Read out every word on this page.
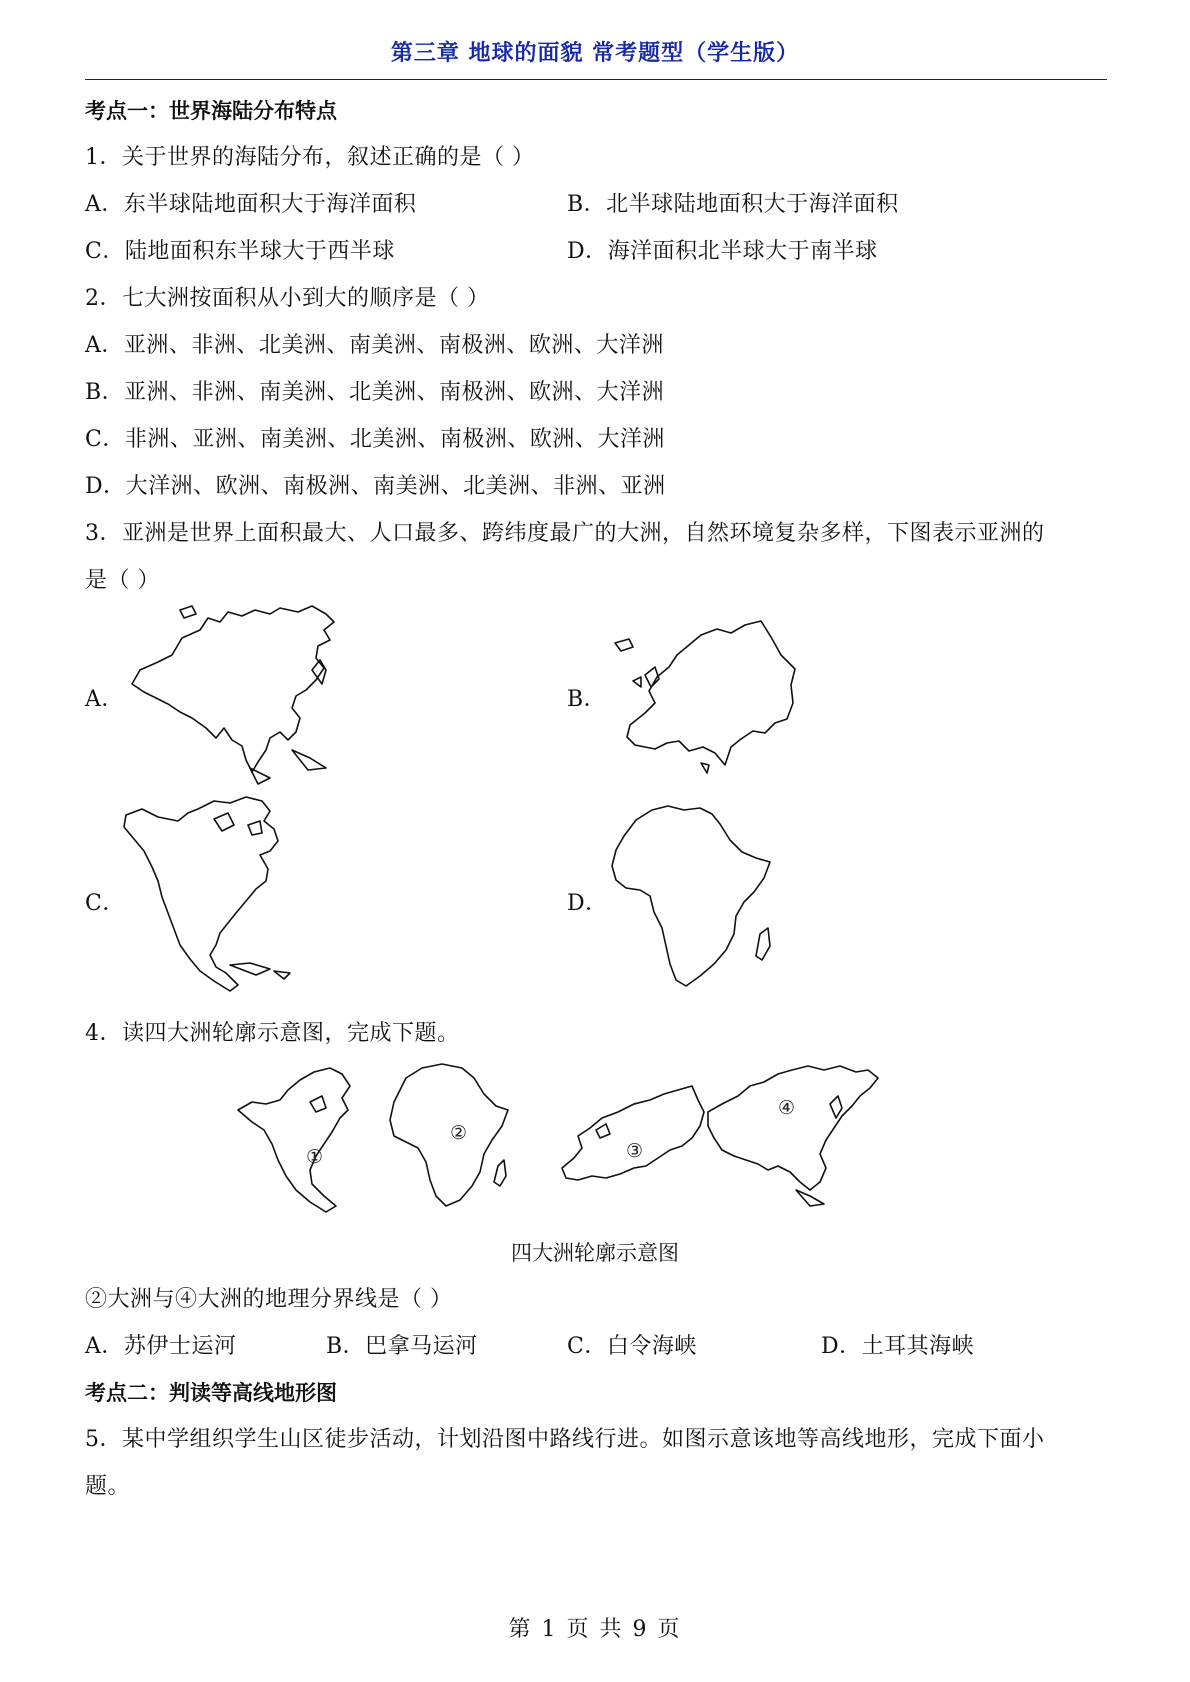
第三章 地球的面貌 常考题型（学生版）
考点一：世界海陆分布特点
1．关于世界的海陆分布，叙述正确的是（ ）
A．东半球陆地面积大于海洋面积	B．北半球陆地面积大于海洋面积
C．陆地面积东半球大于西半球	D．海洋面积北半球大于南半球
2．七大洲按面积从小到大的顺序是（ ）
A．亚洲、非洲、北美洲、南美洲、南极洲、欧洲、大洋洲
B．亚洲、非洲、南美洲、北美洲、南极洲、欧洲、大洋洲
C．非洲、亚洲、南美洲、北美洲、南极洲、欧洲、大洋洲
D．大洋洲、欧洲、南极洲、南美洲、北美洲、非洲、亚洲
3．亚洲是世界上面积最大、人口最多、跨纬度最广的大洲，自然环境复杂多样，下图表示亚洲的
是（ ）
A．	B．
C．	D．
4．读四大洲轮廓示意图，完成下题。
①
②
③
④
四大洲轮廓示意图
②大洲与④大洲的地理分界线是（ ）
A．苏伊士运河	B．巴拿马运河	C．白令海峡	D．土耳其海峡
考点二：判读等高线地形图
5．某中学组织学生山区徒步活动，计划沿图中路线行进。如图示意该地等高线地形，完成下面小
题。
第 1 页 共 9 页
